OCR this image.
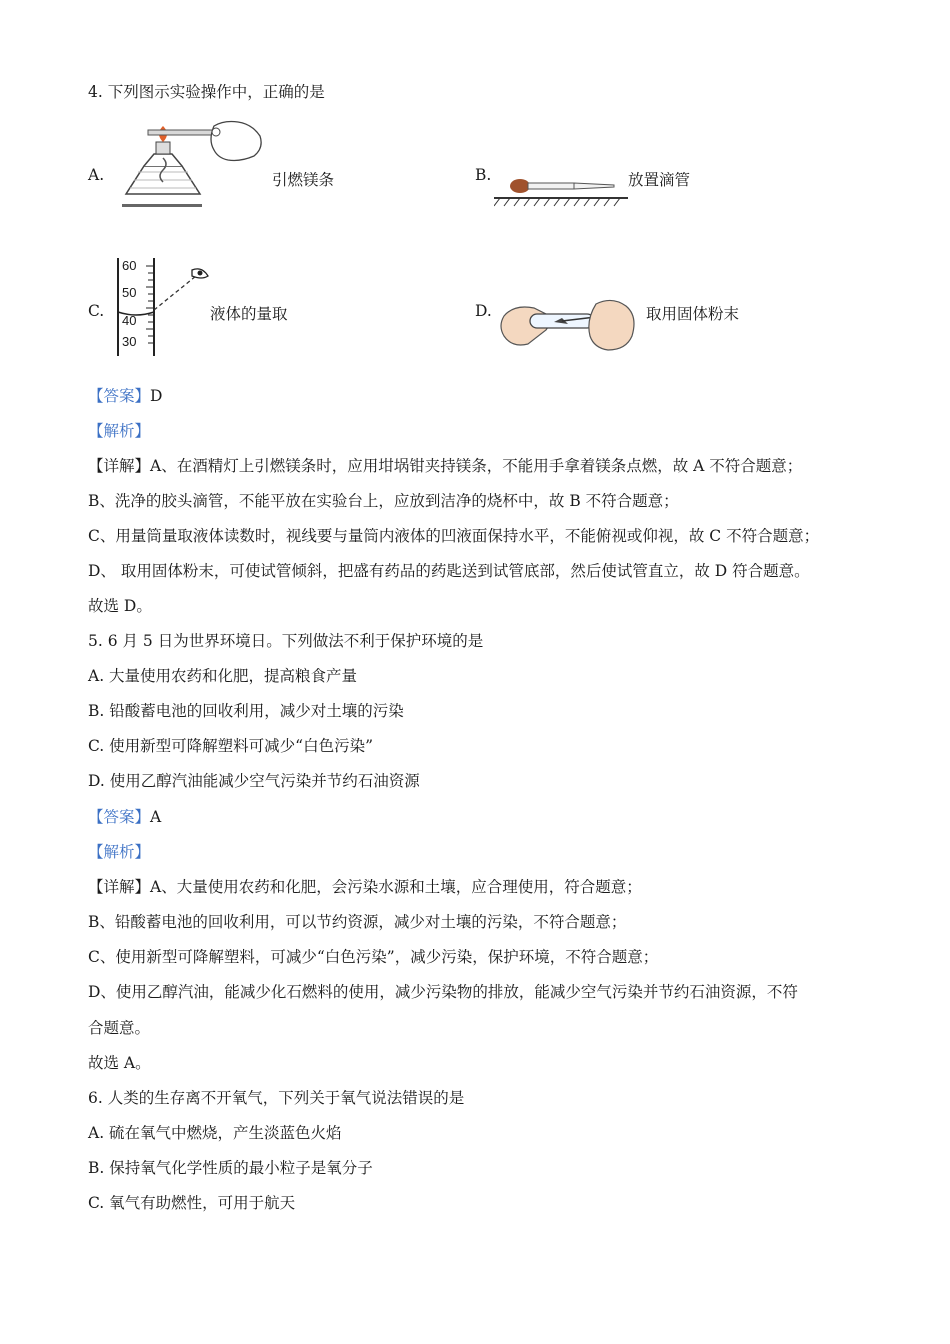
4. 下列图示实验操作中，正确的是
A.	引燃镁条	B.	放置滴管
C.
60
50
40
30
液体的量取	D.	取用固体粉末
【答案】D
【解析】
【详解】A、在酒精灯上引燃镁条时，应用坩埚钳夹持镁条，不能用手拿着镁条点燃，故 A 不符合题意；
B、洗净的胶头滴管，不能平放在实验台上，应放到洁净的烧杯中，故 B 不符合题意；
C、用量筒量取液体读数时，视线要与量筒内液体的凹液面保持水平，不能俯视或仰视，故 C 不符合题意；
D、 取用固体粉末，可使试管倾斜，把盛有药品的药匙送到试管底部，然后使试管直立，故 D 符合题意。
故选 D。
5. 6 月 5 日为世界环境日。下列做法不利于保护环境的是
A. 大量使用农药和化肥，提高粮食产量
B. 铅酸蓄电池的回收利用，减少对土壤的污染
C. 使用新型可降解塑料可减少“白色污染”
D. 使用乙醇汽油能减少空气污染并节约石油资源
【答案】A
【解析】
【详解】A、大量使用农药和化肥，会污染水源和土壤，应合理使用，符合题意；
B、铅酸蓄电池的回收利用，可以节约资源，减少对土壤的污染，不符合题意；
C、使用新型可降解塑料，可减少“白色污染”，减少污染，保护环境，不符合题意；
D、使用乙醇汽油，能减少化石燃料的使用，减少污染物的排放，能减少空气污染并节约石油资源，不符
合题意。
故选 A。
6. 人类的生存离不开氧气，下列关于氧气说法错误的是
A. 硫在氧气中燃烧，产生淡蓝色火焰
B. 保持氧气化学性质的最小粒子是氧分子
C. 氧气有助燃性，可用于航天
